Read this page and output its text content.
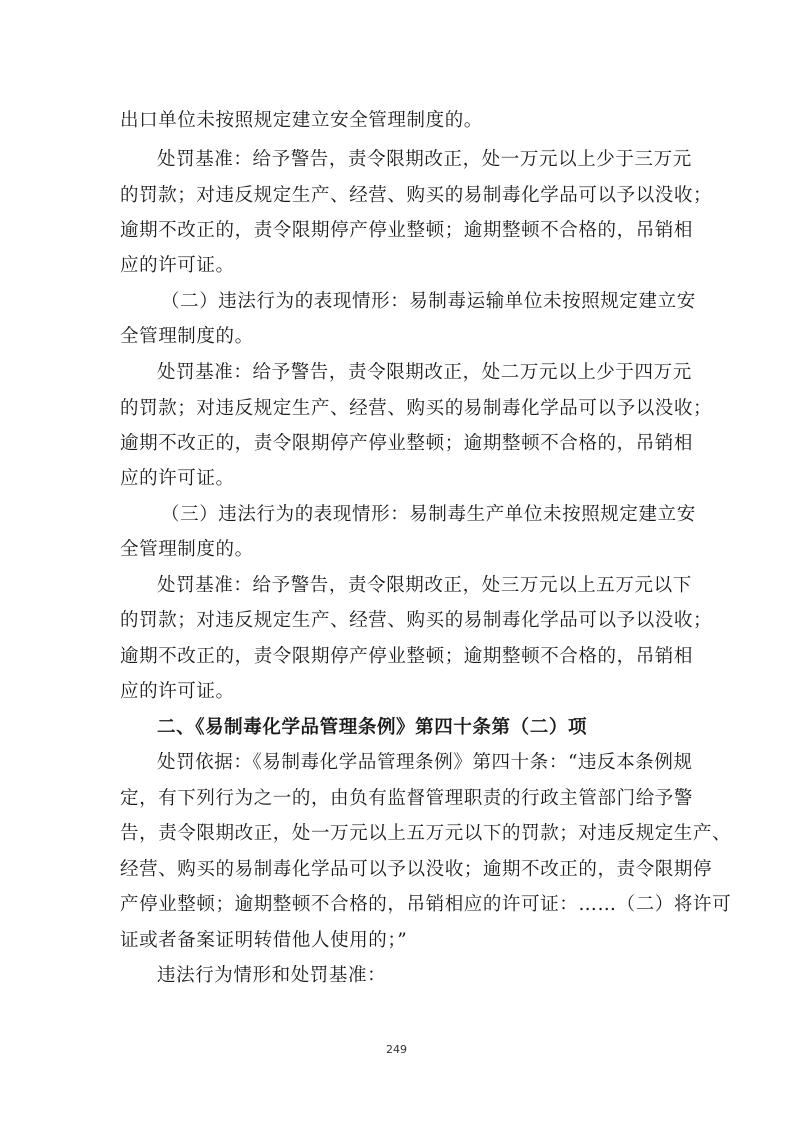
出口单位未按照规定建立安全管理制度的。
处罚基准：给予警告，责令限期改正，处一万元以上少于三万元
的罚款；对违反规定生产、经营、购买的易制毒化学品可以予以没收；
逾期不改正的，责令限期停产停业整顿；逾期整顿不合格的，吊销相
应的许可证。
（二）违法行为的表现情形：易制毒运输单位未按照规定建立安
全管理制度的。
处罚基准：给予警告，责令限期改正，处二万元以上少于四万元
的罚款；对违反规定生产、经营、购买的易制毒化学品可以予以没收；
逾期不改正的，责令限期停产停业整顿；逾期整顿不合格的，吊销相
应的许可证。
（三）违法行为的表现情形：易制毒生产单位未按照规定建立安
全管理制度的。
处罚基准：给予警告，责令限期改正，处三万元以上五万元以下
的罚款；对违反规定生产、经营、购买的易制毒化学品可以予以没收；
逾期不改正的，责令限期停产停业整顿；逾期整顿不合格的，吊销相
应的许可证。
二、《易制毒化学品管理条例》第四十条第（二）项
处罚依据：《易制毒化学品管理条例》第四十条：“违反本条例规
定，有下列行为之一的，由负有监督管理职责的行政主管部门给予警
告，责令限期改正，处一万元以上五万元以下的罚款；对违反规定生产、
经营、购买的易制毒化学品可以予以没收；逾期不改正的，责令限期停
产停业整顿；逾期整顿不合格的，吊销相应的许可证：……（二）将许可
证或者备案证明转借他人使用的；”
违法行为情形和处罚基准：
249
